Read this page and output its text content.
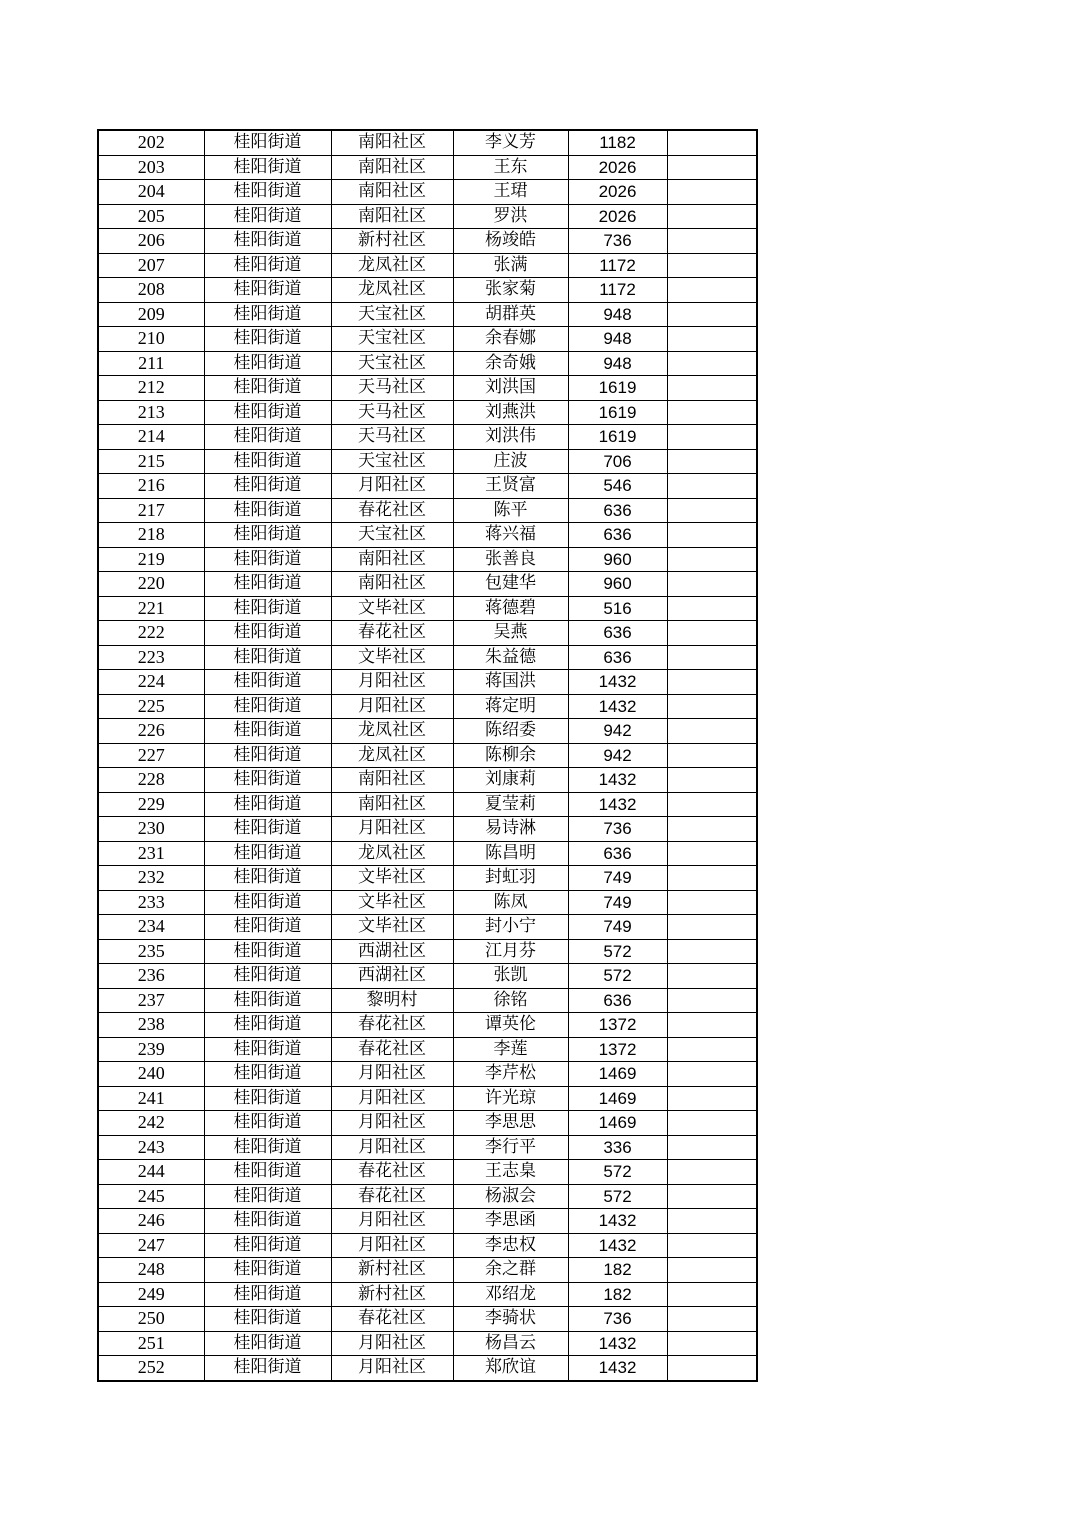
202	桂阳街道	南阳社区	李义芳	1182	
203	桂阳街道	南阳社区	王东	2026	
204	桂阳街道	南阳社区	王珺	2026	
205	桂阳街道	南阳社区	罗洪	2026	
206	桂阳街道	新村社区	杨竣皓	736	
207	桂阳街道	龙凤社区	张满	1172	
208	桂阳街道	龙凤社区	张家菊	1172	
209	桂阳街道	天宝社区	胡群英	948	
210	桂阳街道	天宝社区	余春娜	948	
211	桂阳街道	天宝社区	余奇娥	948	
212	桂阳街道	天马社区	刘洪国	1619	
213	桂阳街道	天马社区	刘燕洪	1619	
214	桂阳街道	天马社区	刘洪伟	1619	
215	桂阳街道	天宝社区	庄波	706	
216	桂阳街道	月阳社区	王贤富	546	
217	桂阳街道	春花社区	陈平	636	
218	桂阳街道	天宝社区	蒋兴福	636	
219	桂阳街道	南阳社区	张善良	960	
220	桂阳街道	南阳社区	包建华	960	
221	桂阳街道	文毕社区	蒋德碧	516	
222	桂阳街道	春花社区	吴燕	636	
223	桂阳街道	文毕社区	朱益德	636	
224	桂阳街道	月阳社区	蒋国洪	1432	
225	桂阳街道	月阳社区	蒋定明	1432	
226	桂阳街道	龙凤社区	陈绍委	942	
227	桂阳街道	龙凤社区	陈柳余	942	
228	桂阳街道	南阳社区	刘康莉	1432	
229	桂阳街道	南阳社区	夏莹莉	1432	
230	桂阳街道	月阳社区	易诗淋	736	
231	桂阳街道	龙凤社区	陈昌明	636	
232	桂阳街道	文毕社区	封虹羽	749	
233	桂阳街道	文毕社区	陈凤	749	
234	桂阳街道	文毕社区	封小宁	749	
235	桂阳街道	西湖社区	江月芬	572	
236	桂阳街道	西湖社区	张凯	572	
237	桂阳街道	黎明村	徐铭	636	
238	桂阳街道	春花社区	谭英伦	1372	
239	桂阳街道	春花社区	李莲	1372	
240	桂阳街道	月阳社区	李芹松	1469	
241	桂阳街道	月阳社区	许光琼	1469	
242	桂阳街道	月阳社区	李思思	1469	
243	桂阳街道	月阳社区	李行平	336	
244	桂阳街道	春花社区	王志臬	572	
245	桂阳街道	春花社区	杨淑会	572	
246	桂阳街道	月阳社区	李思函	1432	
247	桂阳街道	月阳社区	李忠权	1432	
248	桂阳街道	新村社区	余之群	182	
249	桂阳街道	新村社区	邓绍龙	182	
250	桂阳街道	春花社区	李骑状	736	
251	桂阳街道	月阳社区	杨昌云	1432	
252	桂阳街道	月阳社区	郑欣谊	1432	
